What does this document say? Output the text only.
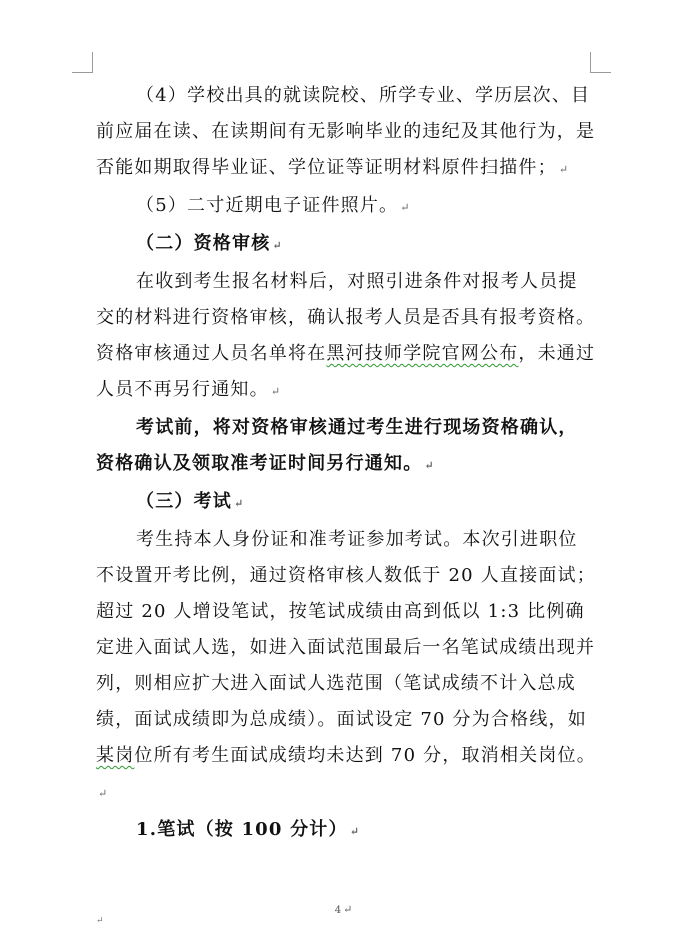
（4）学校出具的就读院校、所学专业、学历层次、目前应届在读、在读期间有无影响毕业的违纪及其他行为，是否能如期取得毕业证、学位证等证明材料原件扫描件； ↵

（5）二寸近期电子证件照片。 ↵

（二）资格审核 ↵

在收到考生报名材料后，对照引进条件对报考人员提交的材料进行资格审核，确认报考人员是否具有报考资格。资格审核通过人员名单将在黑河技师学院官网公布，未通过人员不再另行通知。 ↵

考试前，将对资格审核通过考生进行现场资格确认，资格确认及领取准考证时间另行通知。 ↵

（三）考试 ↵

考生持本人身份证和准考证参加考试。本次引进职位不设置开考比例，通过资格审核人数低于 20 人直接面试；超过 20 人增设笔试，按笔试成绩由高到低以 1:3 比例确定进入面试人选，如进入面试范围最后一名笔试成绩出现并列，则相应扩大进入面试人选范围（笔试成绩不计入总成绩，面试成绩即为总成绩）。面试设定 70 分为合格线，如某岗位所有考生面试成绩均未达到 70 分，取消相关岗位。↵

1.笔试（按 100 分计） ↵

4 ↵
↵
